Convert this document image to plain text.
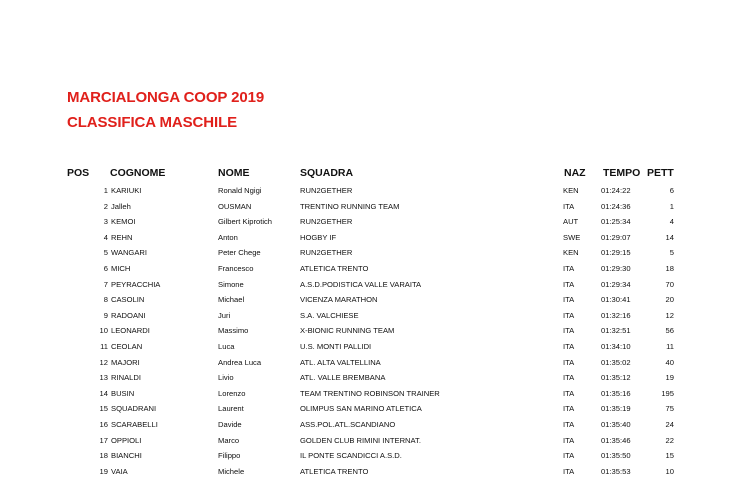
MARCIALONGA COOP 2019
CLASSIFICA MASCHILE
POS COGNOME	NOME	SQUADRA	NAZ TEMPO PETT
1 KARIUKI	Ronald Ngigi	RUN2GETHER	KEN	01:24:22	6
2 Jalleh	OUSMAN	TRENTINO RUNNING TEAM	ITA	01:24:36	1
3 KEMOI	Gilbert Kiprotich	RUN2GETHER	AUT	01:25:34	4
4 REHN	Anton	HOGBY IF	SWE	01:29:07	14
5 WANGARI	Peter Chege	RUN2GETHER	KEN	01:29:15	5
6 MICH	Francesco	ATLETICA TRENTO	ITA	01:29:30	18
7 PEYRACCHIA	Simone	A.S.D.PODISTICA VALLE VARAITA	ITA	01:29:34	70
8 CASOLIN	Michael	VICENZA MARATHON	ITA	01:30:41	20
9 RADOANI	Juri	S.A. VALCHIESE	ITA	01:32:16	12
10 LEONARDI	Massimo	X-BIONIC RUNNING TEAM	ITA	01:32:51	56
11 CEOLAN	Luca	U.S. MONTI PALLIDI	ITA	01:34:10	11
12 MAJORI	Andrea Luca	ATL. ALTA VALTELLINA	ITA	01:35:02	40
13 RINALDI	Livio	ATL. VALLE BREMBANA	ITA	01:35:12	19
14 BUSIN	Lorenzo	TEAM TRENTINO ROBINSON TRAINER	ITA	01:35:16	195
15 SQUADRANI	Laurent	OLIMPUS SAN MARINO ATLETICA	ITA	01:35:19	75
16 SCARABELLI	Davide	ASS.POL.ATL.SCANDIANO	ITA	01:35:40	24
17 OPPIOLI	Marco	GOLDEN CLUB RIMINI INTERNAT.	ITA	01:35:46	22
18 BIANCHI	Filippo	IL PONTE SCANDICCI A.S.D.	ITA	01:35:50	15
19 VAIA	Michele	ATLETICA TRENTO	ITA	01:35:53	10
